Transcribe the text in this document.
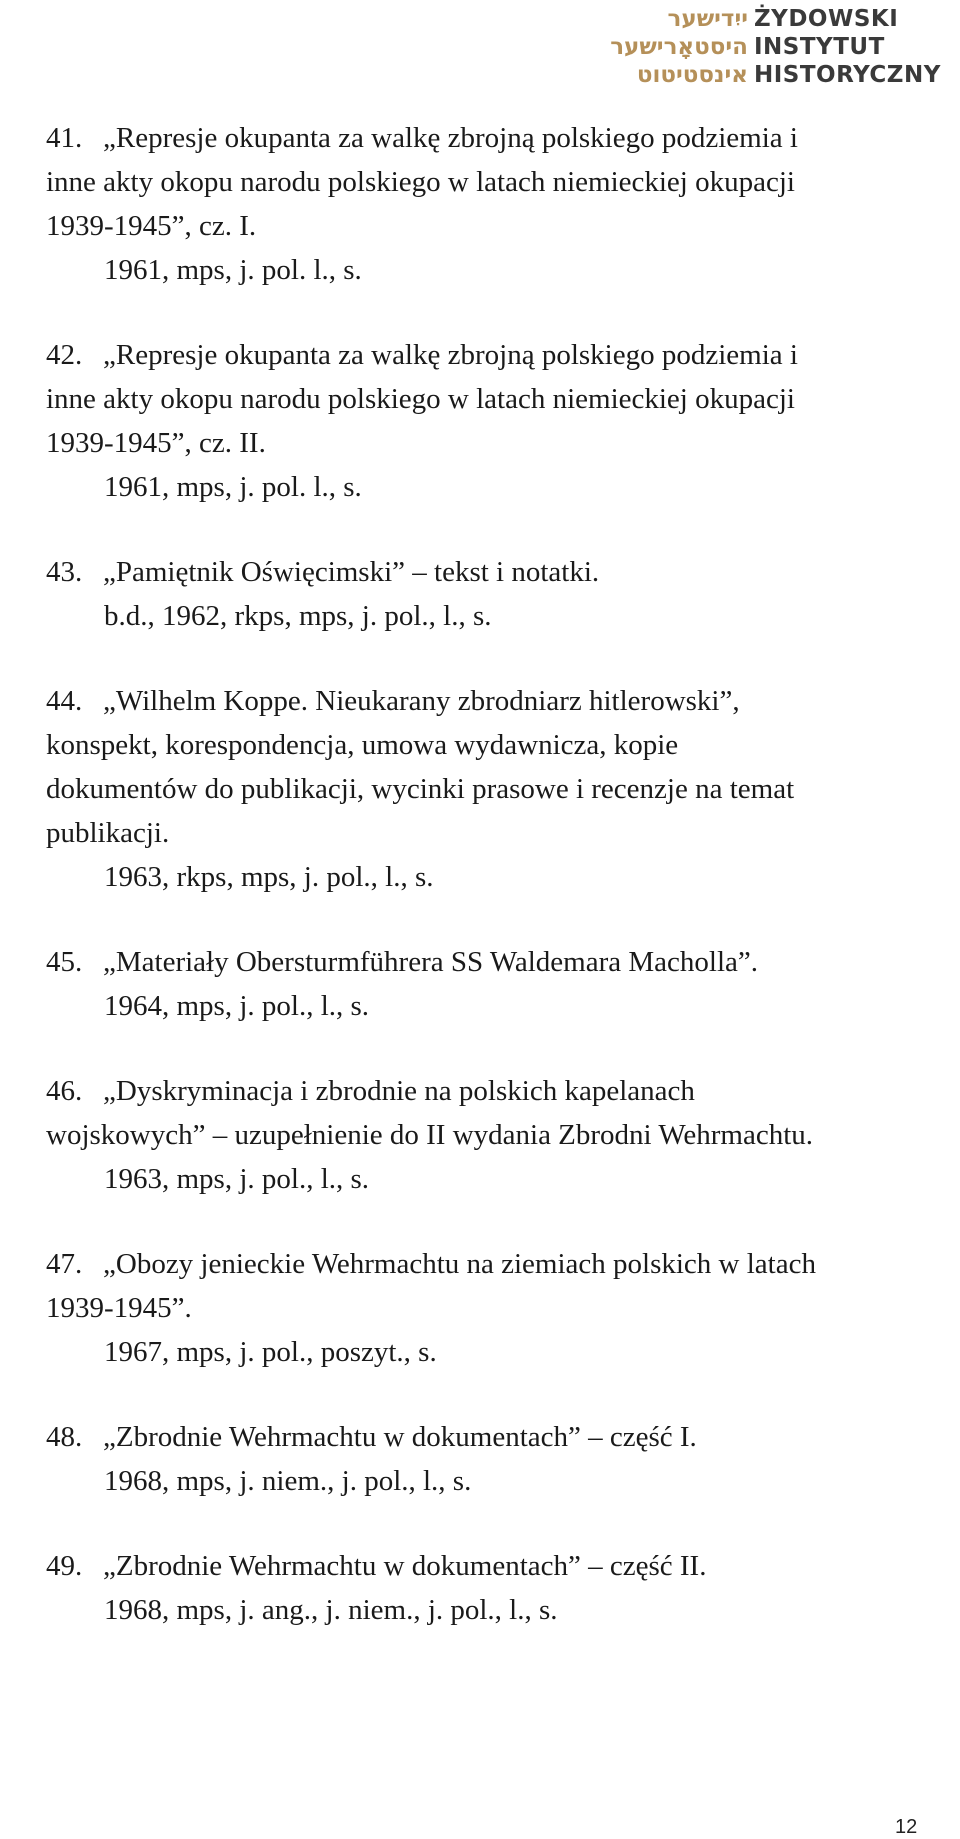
ייִדישער
היסטאָרישער
אינסטיטוט
ŻYDOWSKI
INSTYTUT
HISTORYCZNY
41. „Represje okupanta za walkę zbrojną polskiego podziemia i
inne akty okopu narodu polskiego w latach niemieckiej okupacji
1939-1945”, cz. I.
1961, mps, j. pol. l., s.
42. „Represje okupanta za walkę zbrojną polskiego podziemia i
inne akty okopu narodu polskiego w latach niemieckiej okupacji
1939-1945”, cz. II.
1961, mps, j. pol. l., s.
43. „Pamiętnik Oświęcimski” – tekst i notatki.
b.d., 1962, rkps, mps, j. pol., l., s.
44. „Wilhelm Koppe. Nieukarany zbrodniarz hitlerowski”,
konspekt, korespondencja, umowa wydawnicza, kopie
dokumentów do publikacji, wycinki prasowe i recenzje na temat
publikacji.
1963, rkps, mps, j. pol., l., s.
45. „Materiały Obersturmführera SS Waldemara Macholla”.
1964, mps, j. pol., l., s.
46. „Dyskryminacja i zbrodnie na polskich kapelanach
wojskowych” – uzupełnienie do II wydania Zbrodni Wehrmachtu.
1963, mps, j. pol., l., s.
47. „Obozy jenieckie Wehrmachtu na ziemiach polskich w latach
1939-1945”.
1967, mps, j. pol., poszyt., s.
48. „Zbrodnie Wehrmachtu w dokumentach” – część I.
1968, mps, j. niem., j. pol., l., s.
49. „Zbrodnie Wehrmachtu w dokumentach” – część II.
1968, mps, j. ang., j. niem., j. pol., l., s.
12
